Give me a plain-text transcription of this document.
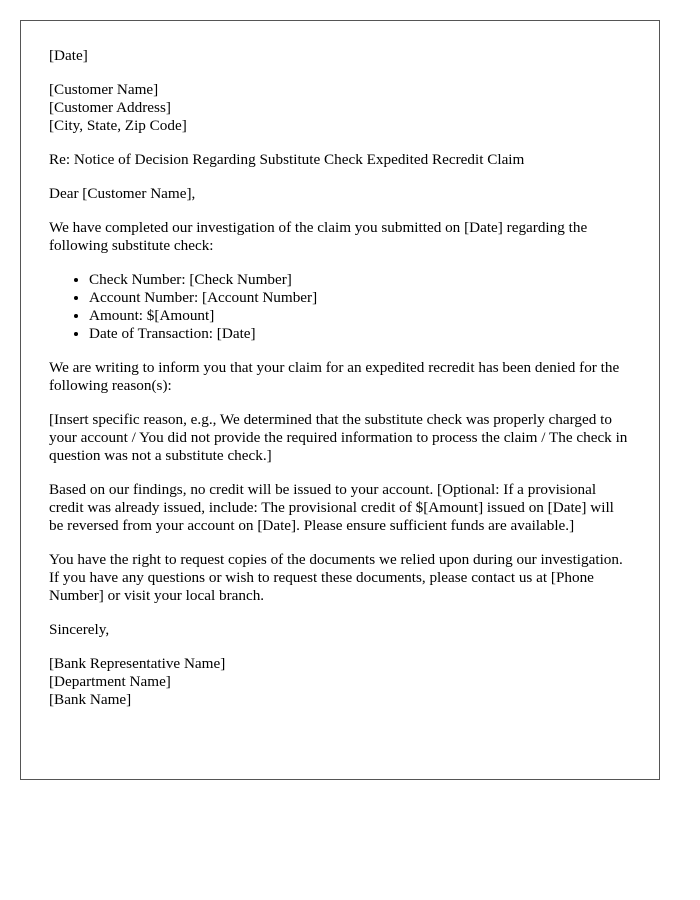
[Date]

[Customer Name]
[Customer Address]
[City, State, Zip Code]

Re: Notice of Decision Regarding Substitute Check Expedited Recredit Claim

Dear [Customer Name],

We have completed our investigation of the claim you submitted on [Date] regarding the following substitute check:

• Check Number: [Check Number]
• Account Number: [Account Number]
• Amount: $[Amount]
• Date of Transaction: [Date]

We are writing to inform you that your claim for an expedited recredit has been denied for the following reason(s):

[Insert specific reason, e.g., We determined that the substitute check was properly charged to your account / You did not provide the required information to process the claim / The check in question was not a substitute check.]

Based on our findings, no credit will be issued to your account. [Optional: If a provisional credit was already issued, include: The provisional credit of $[Amount] issued on [Date] will be reversed from your account on [Date]. Please ensure sufficient funds are available.]

You have the right to request copies of the documents we relied upon during our investigation. If you have any questions or wish to request these documents, please contact us at [Phone Number] or visit your local branch.

Sincerely,

[Bank Representative Name]
[Department Name]
[Bank Name]
